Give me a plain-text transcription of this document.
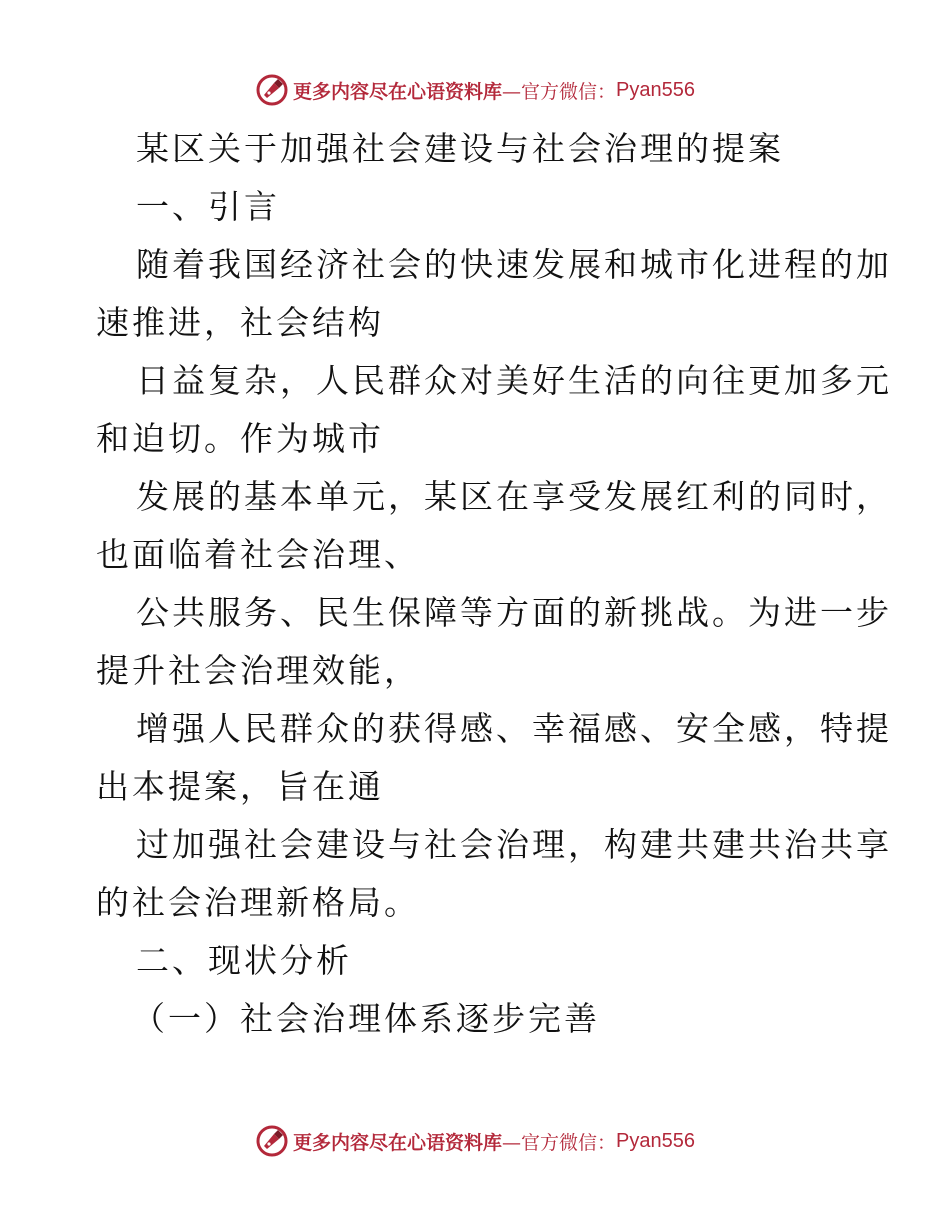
更多内容尽在心语资料库 —官方微信： Pyan556
某区关于加强社会建设与社会治理的提案
一、引言
随着我国经济社会的快速发展和城市化进程的加
速推进，社会结构
日益复杂，人民群众对美好生活的向往更加多元
和迫切。作为城市
发展的基本单元，某区在享受发展红利的同时，
也面临着社会治理、
公共服务、民生保障等方面的新挑战。为进一步
提升社会治理效能，
增强人民群众的获得感、幸福感、安全感，特提
出本提案，旨在通
过加强社会建设与社会治理，构建共建共治共享
的社会治理新格局。
二、现状分析
（一）社会治理体系逐步完善
更多内容尽在心语资料库 —官方微信： Pyan556
